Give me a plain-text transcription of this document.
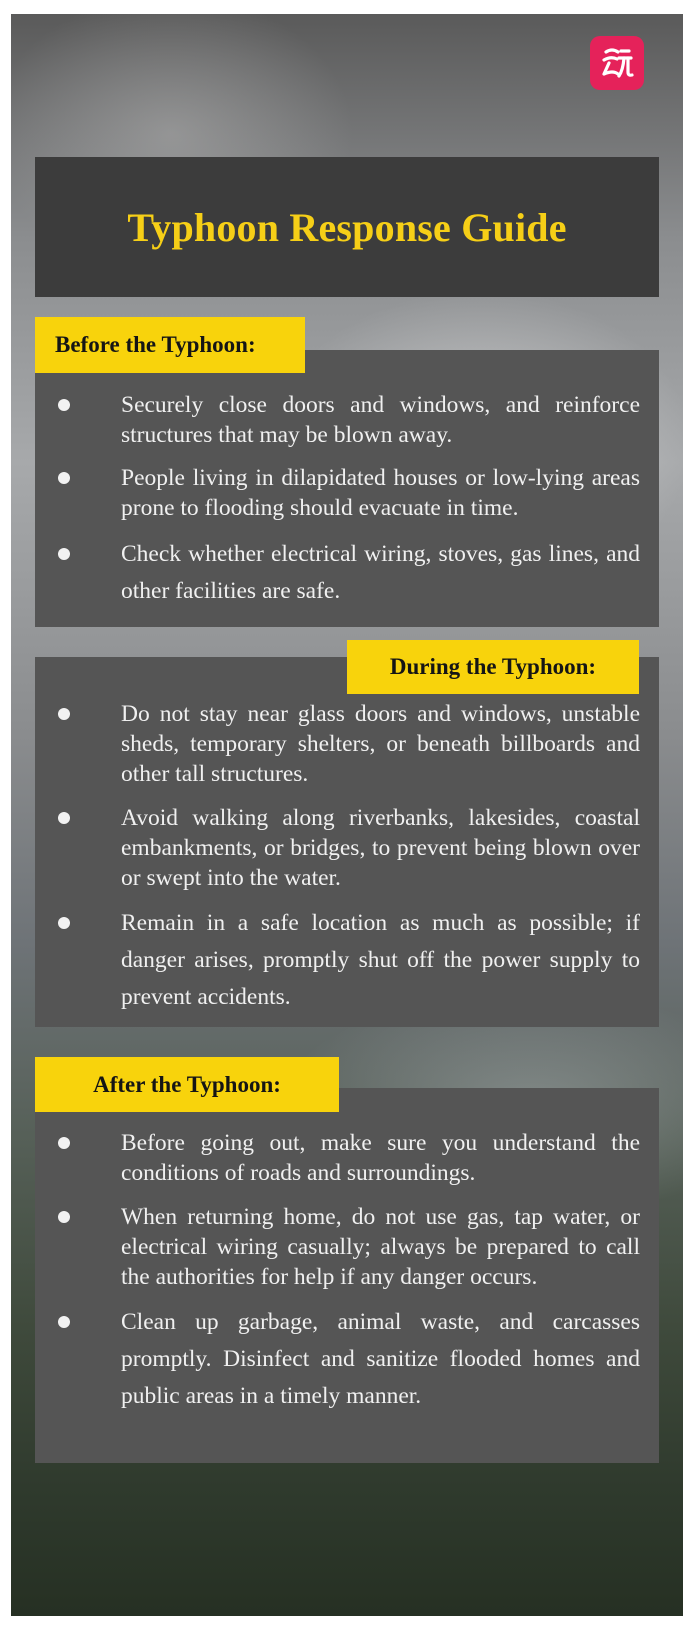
Typhoon Response Guide
Securely close doors and windows, and reinforce structures that may be blown away.
People living in dilapidated houses or low-lying areas prone to flooding should evacuate in time.
Check whether electrical wiring, stoves, gas lines, and other facilities are safe.
Before the Typhoon:
Do not stay near glass doors and windows, unstable sheds, temporary shelters, or beneath billboards and other tall structures.
Avoid walking along riverbanks, lakesides, coastal embankments, or bridges, to prevent being blown over or swept into the water.
Remain in a safe location as much as possible; if danger arises, promptly shut off the power supply to prevent accidents.
During the Typhoon:
Before going out, make sure you understand the conditions of roads and surroundings.
When returning home, do not use gas, tap water, or electrical wiring casually; always be prepared to call the authorities for help if any danger occurs.
Clean up garbage, animal waste, and carcasses promptly. Disinfect and sanitize flooded homes and public areas in a timely manner.
After the Typhoon:
